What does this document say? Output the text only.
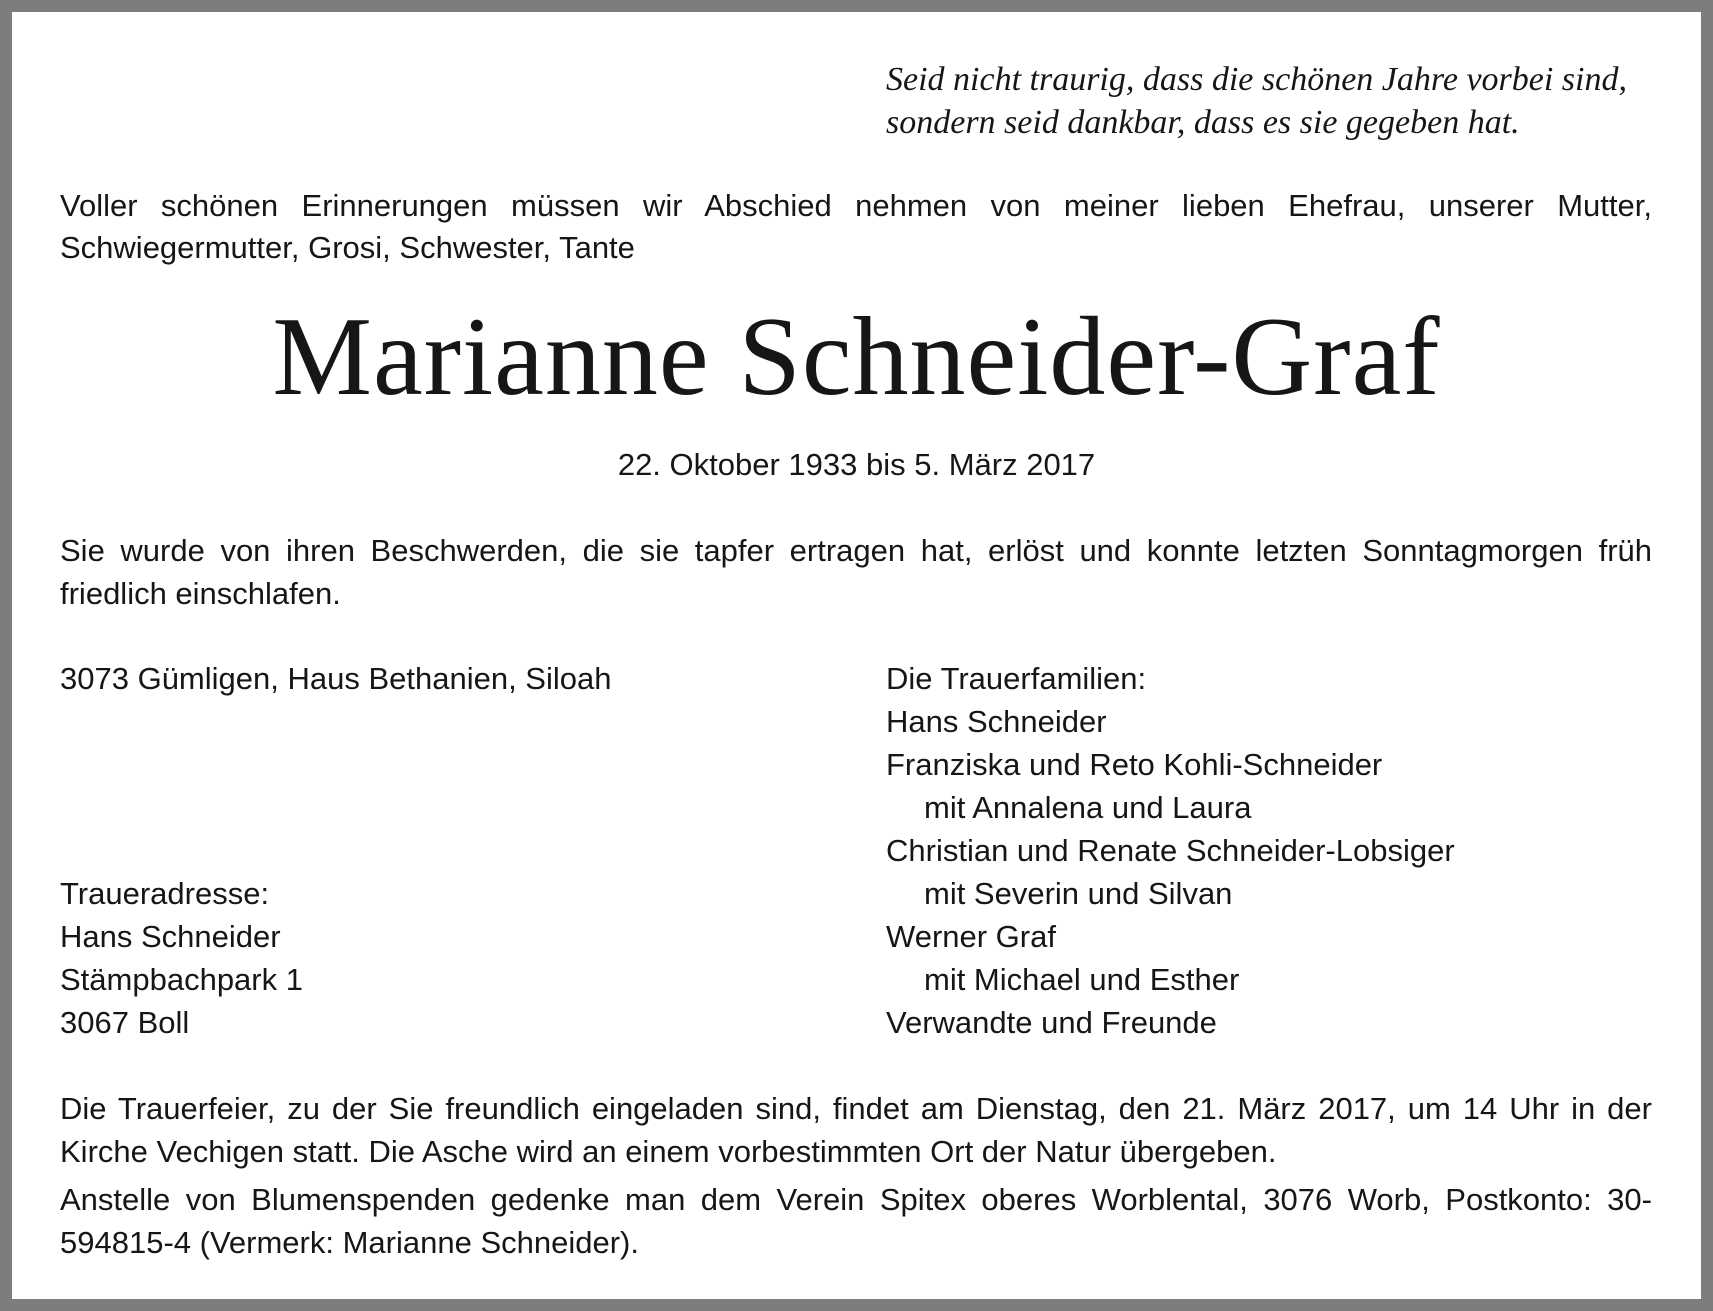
Seid nicht traurig, dass die schönen Jahre vorbei sind,
sondern seid dankbar, dass es sie gegeben hat.
Voller schönen Erinnerungen müssen wir Abschied nehmen von meiner lieben Ehefrau, unserer Mutter, Schwiegermutter, Grosi, Schwester, Tante
Marianne Schneider-Graf
22. Oktober 1933 bis 5. März 2017
Sie wurde von ihren Beschwerden, die sie tapfer ertragen hat, erlöst und konnte letzten Sonntagmorgen früh friedlich einschlafen.
3073 Gümligen, Haus Bethanien, Siloah
Traueradresse:
Hans Schneider
Stämpbachpark 1
3067 Boll
Die Trauerfamilien:
Hans Schneider
Franziska und Reto Kohli-Schneider
mit Annalena und Laura
Christian und Renate Schneider-Lobsiger
mit Severin und Silvan
Werner Graf
mit Michael und Esther
Verwandte und Freunde
Die Trauerfeier, zu der Sie freundlich eingeladen sind, findet am Dienstag, den 21. März 2017, um 14 Uhr in der Kirche Vechigen statt. Die Asche wird an einem vorbestimmten Ort der Natur übergeben.
Anstelle von Blumenspenden gedenke man dem Verein Spitex oberes Worblental, 3076 Worb, Postkonto: 30-594815-4 (Vermerk: Marianne Schneider).
